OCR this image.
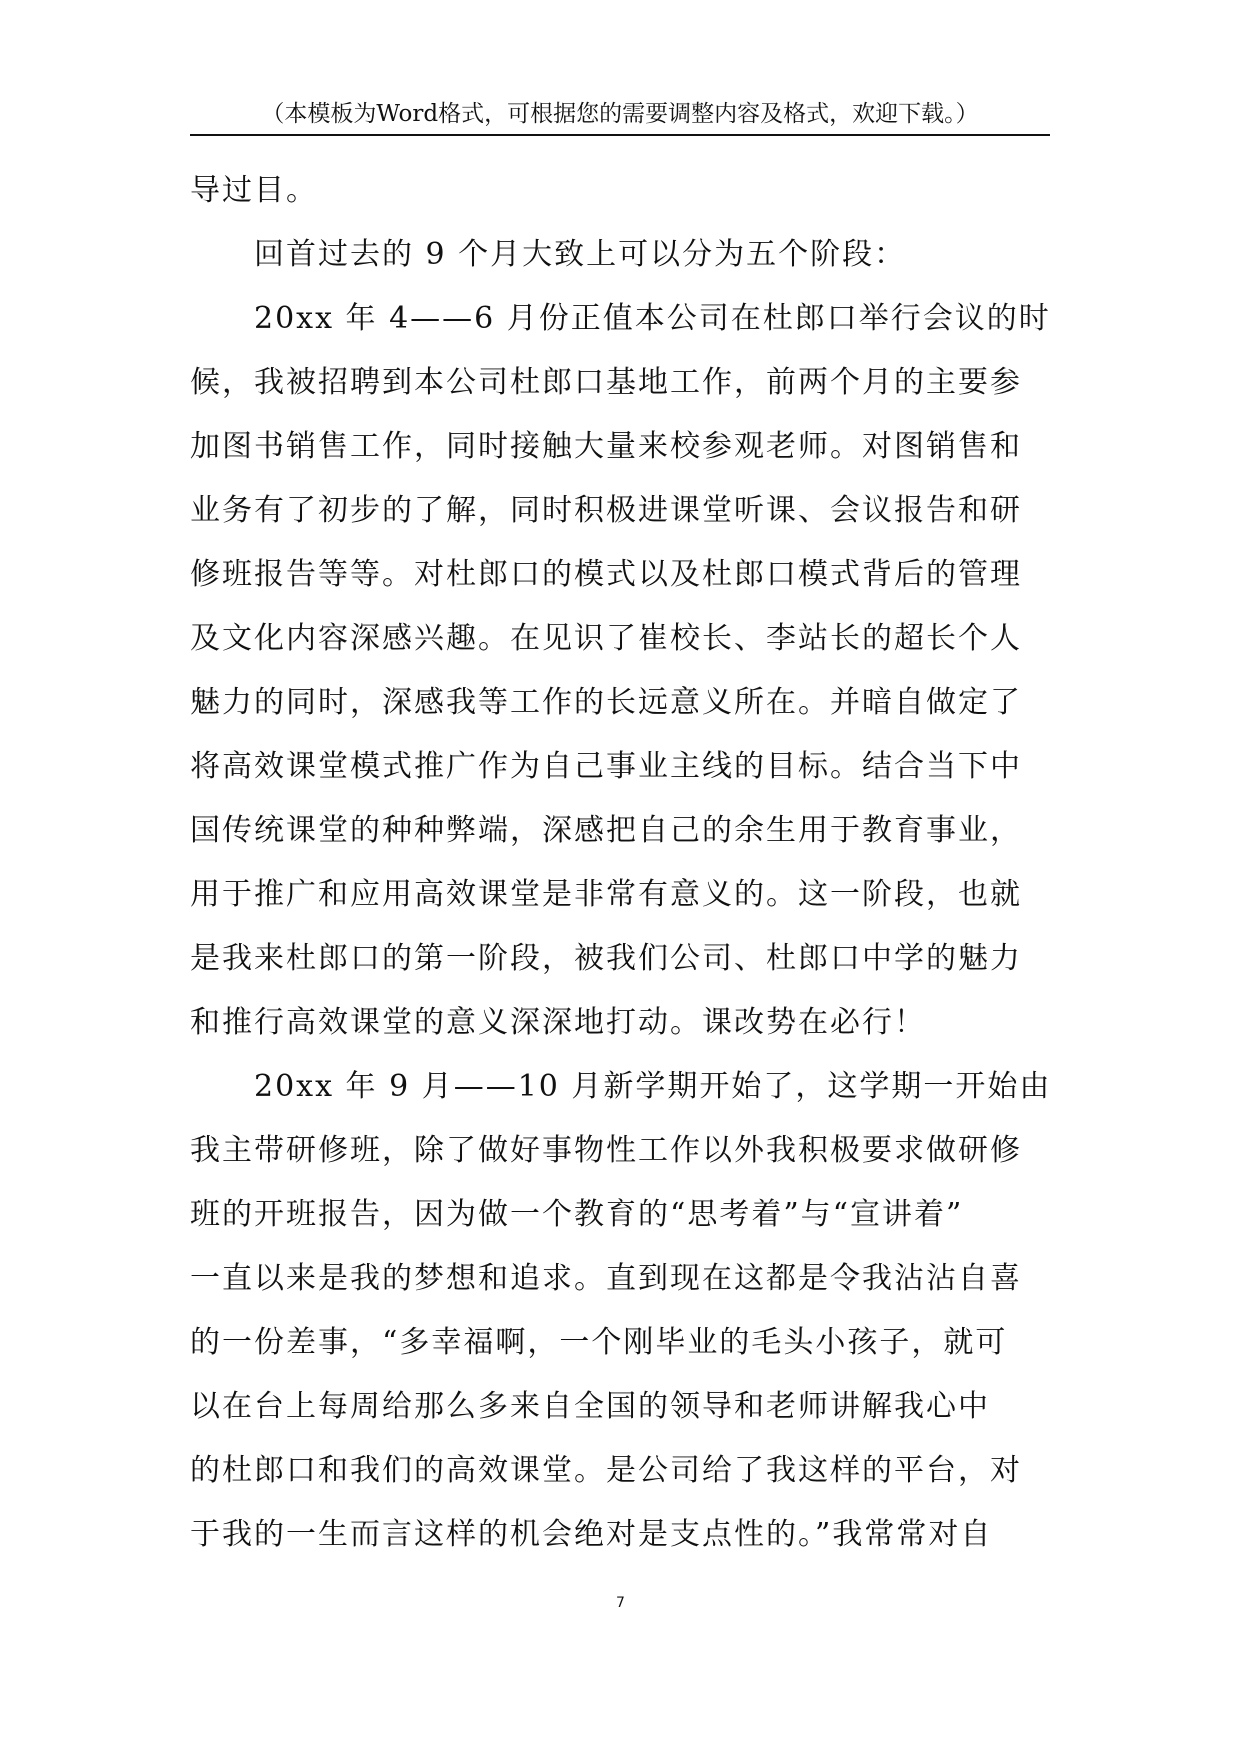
（本模板为Word格式，可根据您的需要调整内容及格式，欢迎下载。）
导过目。
回首过去的 9 个月大致上可以分为五个阶段：
20xx 年 4——6 月份正值本公司在杜郎口举行会议的时
候，我被招聘到本公司杜郎口基地工作，前两个月的主要参
加图书销售工作，同时接触大量来校参观老师。对图销售和
业务有了初步的了解，同时积极进课堂听课、会议报告和研
修班报告等等。对杜郎口的模式以及杜郎口模式背后的管理
及文化内容深感兴趣。在见识了崔校长、李站长的超长个人
魅力的同时，深感我等工作的长远意义所在。并暗自做定了
将高效课堂模式推广作为自己事业主线的目标。结合当下中
国传统课堂的种种弊端，深感把自己的余生用于教育事业，
用于推广和应用高效课堂是非常有意义的。这一阶段，也就
是我来杜郎口的第一阶段，被我们公司、杜郎口中学的魅力
和推行高效课堂的意义深深地打动。课改势在必行！
20xx 年 9 月——10 月新学期开始了，这学期一开始由
我主带研修班，除了做好事物性工作以外我积极要求做研修
班的开班报告，因为做一个教育的“思考着”与“宣讲着”
一直以来是我的梦想和追求。直到现在这都是令我沾沾自喜
的一份差事，“多幸福啊，一个刚毕业的毛头小孩子，就可
以在台上每周给那么多来自全国的领导和老师讲解我心中
的杜郎口和我们的高效课堂。是公司给了我这样的平台，对
于我的一生而言这样的机会绝对是支点性的。”我常常对自
7
